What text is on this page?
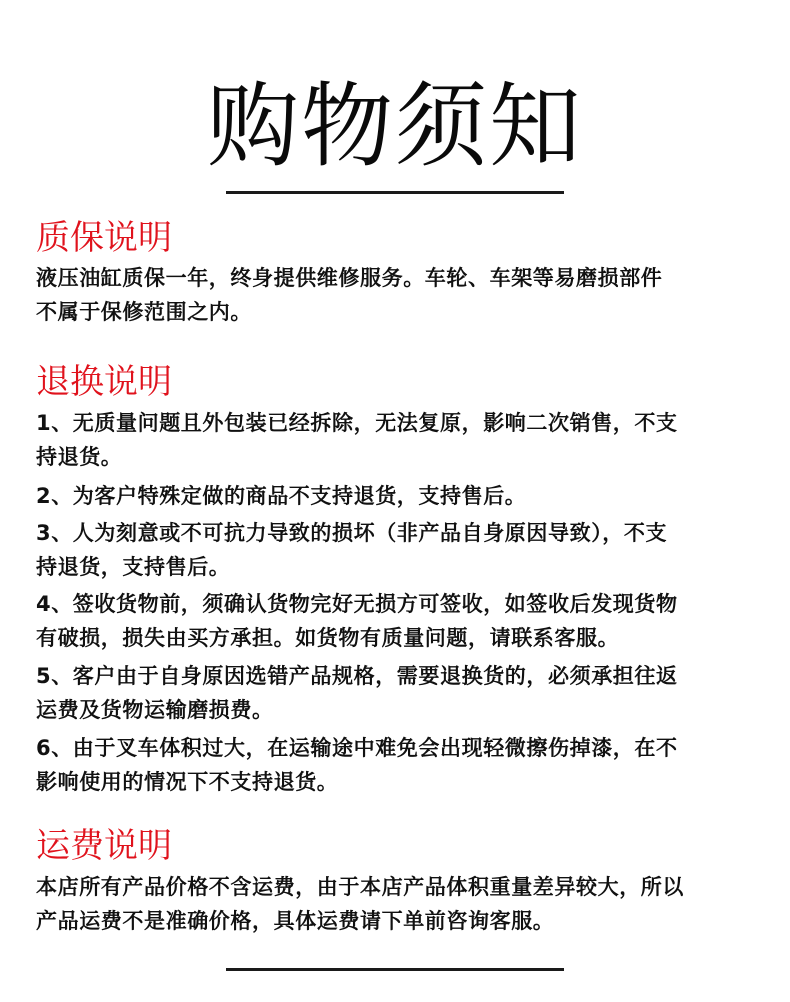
购物须知
质保说明
液压油缸质保一年，终身提供维修服务。车轮、车架等易磨损部件
不属于保修范围之内。
退换说明
1、无质量问题且外包装已经拆除，无法复原，影响二次销售，不支
持退货。
2、为客户特殊定做的商品不支持退货，支持售后。
3、人为刻意或不可抗力导致的损坏（非产品自身原因导致），不支
持退货，支持售后。
4、签收货物前，须确认货物完好无损方可签收，如签收后发现货物
有破损，损失由买方承担。如货物有质量问题，请联系客服。
5、客户由于自身原因选错产品规格，需要退换货的，必须承担往返
运费及货物运输磨损费。
6、由于叉车体积过大，在运输途中难免会出现轻微擦伤掉漆，在不
影响使用的情况下不支持退货。
运费说明
本店所有产品价格不含运费，由于本店产品体积重量差异较大，所以
产品运费不是准确价格，具体运费请下单前咨询客服。
